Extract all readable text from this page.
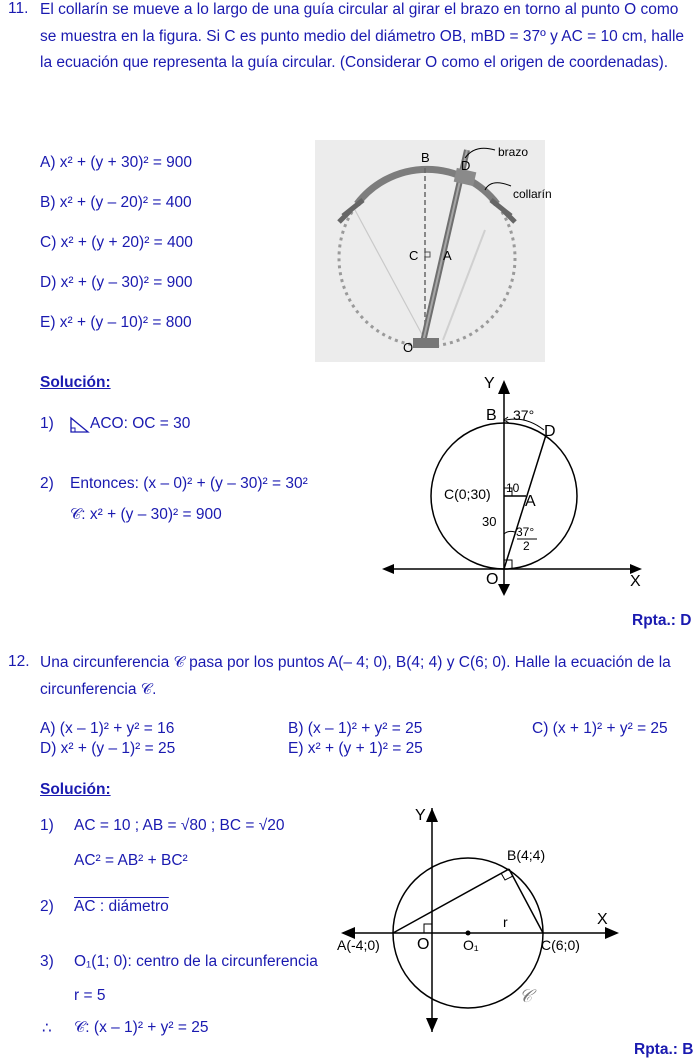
11. El collarín se mueve a lo largo de una guía circular al girar el brazo en torno al punto O como se muestra en la figura. Si C es punto medio del diámetro OB, mBD = 37º y AC = 10 cm, halle la ecuación que representa la guía circular. (Considerar O como el origen de coordenadas).
A) x² + (y + 30)² = 900
B) x² + (y – 20)² = 400
C) x² + (y + 20)² = 400
D) x² + (y – 30)² = 900
E) x² + (y – 10)² = 800
B
D
brazo
collarín
C A
O
Solución:
1) ACO: OC = 30
2) Entonces: (x – 0)² + (y – 30)² = 30²
𝒞: x² + (y – 30)² = 900
Y
B 37°
D
C(0;30) 10
A
30
37°
2
O	X
Rpta.: D
12. Una circunferencia 𝒞 pasa por los puntos A(– 4; 0), B(4; 4) y C(6; 0). Halle la ecuación de la circunferencia 𝒞.
A) (x – 1)² + y² = 16	B) (x – 1)² + y² = 25	C) (x + 1)² + y² = 25
D) x² + (y – 1)² = 25	E) x² + (y + 1)² = 25
Solución:
1) AC = 10 ; AB = √80 ; BC = √20
AC² = AB² + BC²
2) AC : diámetro
3) O₁(1; 0): centro de la circunferencia
r = 5
∴ 𝒞: (x – 1)² + y² = 25
Y
B(4;4)
X
r
A(-4;0) O O₁	C(6;0)
𝒞
Rpta.: B
